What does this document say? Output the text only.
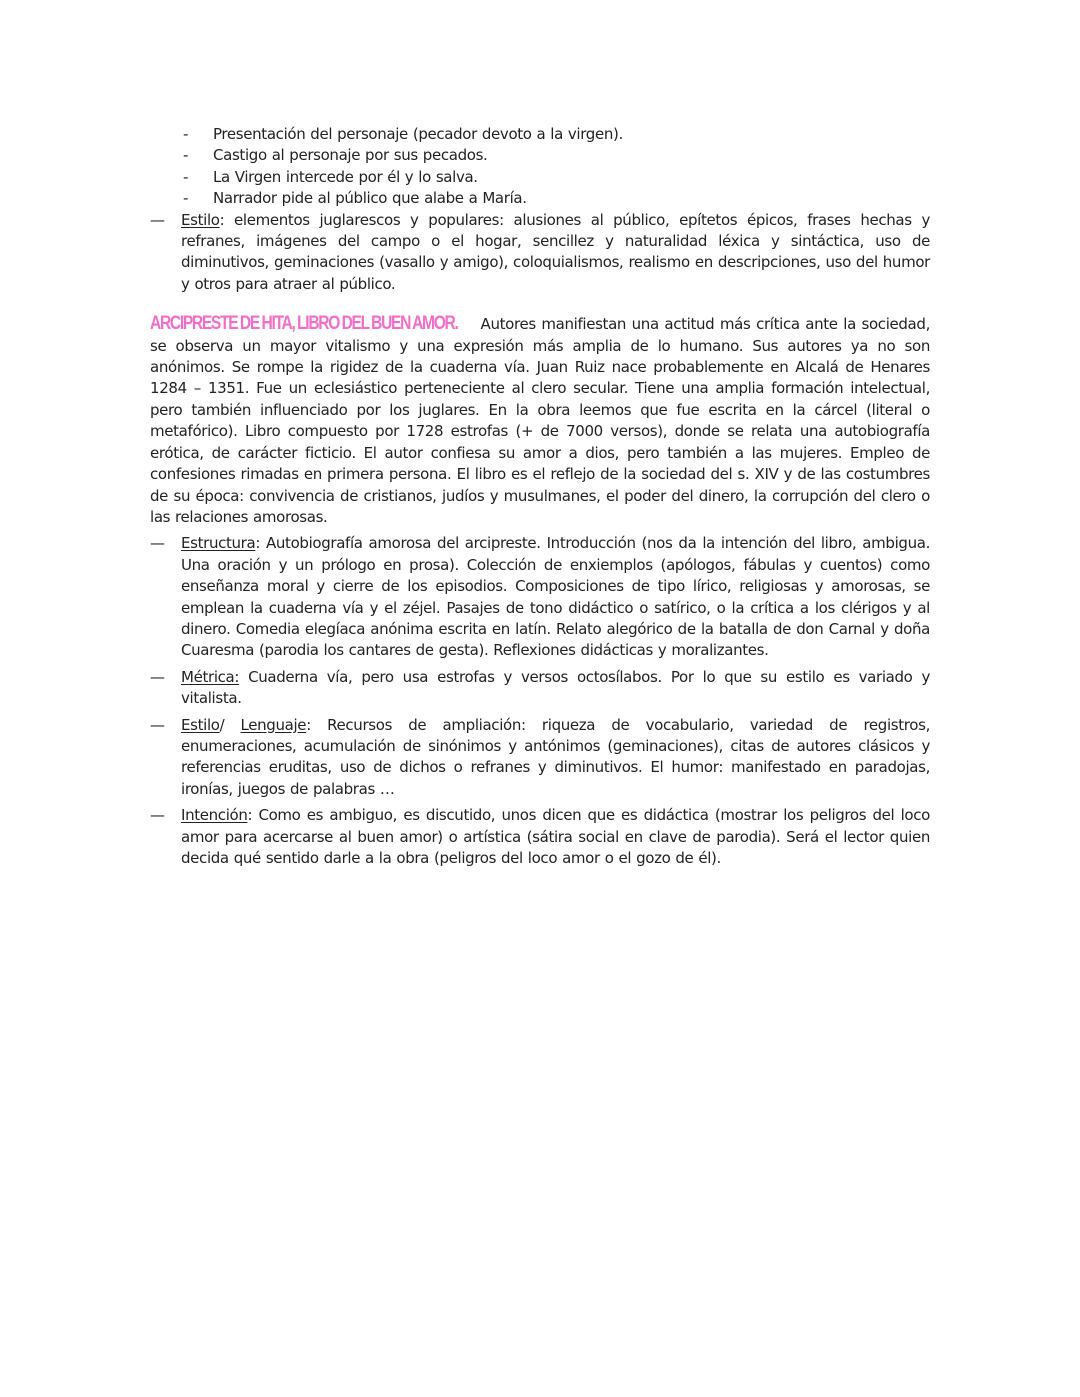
- Presentación del personaje (pecador devoto a la virgen).
- Castigo al personaje por sus pecados.
- La Virgen intercede por él y lo salva.
- Narrador pide al público que alabe a María.
— Estilo: elementos juglarescos y populares: alusiones al público, epítetos épicos, frases hechas y refranes, imágenes del campo o el hogar, sencillez y naturalidad léxica y sintáctica, uso de diminutivos, geminaciones (vasallo y amigo), coloquialismos, realismo en descripciones, uso del humor y otros para atraer al público.
ARCIPRESTE DE HITA, LIBRO DEL BUEN AMOR. Autores manifiestan una actitud más crítica ante la sociedad, se observa un mayor vitalismo y una expresión más amplia de lo humano. Sus autores ya no son anónimos. Se rompe la rigidez de la cuaderna vía. Juan Ruiz nace probablemente en Alcalá de Henares 1284 – 1351. Fue un eclesiástico perteneciente al clero secular. Tiene una amplia formación intelectual, pero también influenciado por los juglares. En la obra leemos que fue escrita en la cárcel (literal o metafórico). Libro compuesto por 1728 estrofas (+ de 7000 versos), donde se relata una autobiografía erótica, de carácter ficticio. El autor confiesa su amor a dios, pero también a las mujeres. Empleo de confesiones rimadas en primera persona. El libro es el reflejo de la sociedad del s. XIV y de las costumbres de su época: convivencia de cristianos, judíos y musulmanes, el poder del dinero, la corrupción del clero o las relaciones amorosas.
— Estructura: Autobiografía amorosa del arcipreste. Introducción (nos da la intención del libro, ambigua. Una oración y un prólogo en prosa). Colección de enxiemplos (apólogos, fábulas y cuentos) como enseñanza moral y cierre de los episodios. Composiciones de tipo lírico, religiosas y amorosas, se emplean la cuaderna vía y el zéjel. Pasajes de tono didáctico o satírico, o la crítica a los clérigos y al dinero. Comedia elegíaca anónima escrita en latín. Relato alegórico de la batalla de don Carnal y doña Cuaresma (parodia los cantares de gesta). Reflexiones didácticas y moralizantes.
— Métrica: Cuaderna vía, pero usa estrofas y versos octosílabos. Por lo que su estilo es variado y vitalista.
— Estilo/ Lenguaje: Recursos de ampliación: riqueza de vocabulario, variedad de registros, enumeraciones, acumulación de sinónimos y antónimos (geminaciones), citas de autores clásicos y referencias eruditas, uso de dichos o refranes y diminutivos. El humor: manifestado en paradojas, ironías, juegos de palabras …
— Intención: Como es ambiguo, es discutido, unos dicen que es didáctica (mostrar los peligros del loco amor para acercarse al buen amor) o artística (sátira social en clave de parodia). Será el lector quien decida qué sentido darle a la obra (peligros del loco amor o el gozo de él).
